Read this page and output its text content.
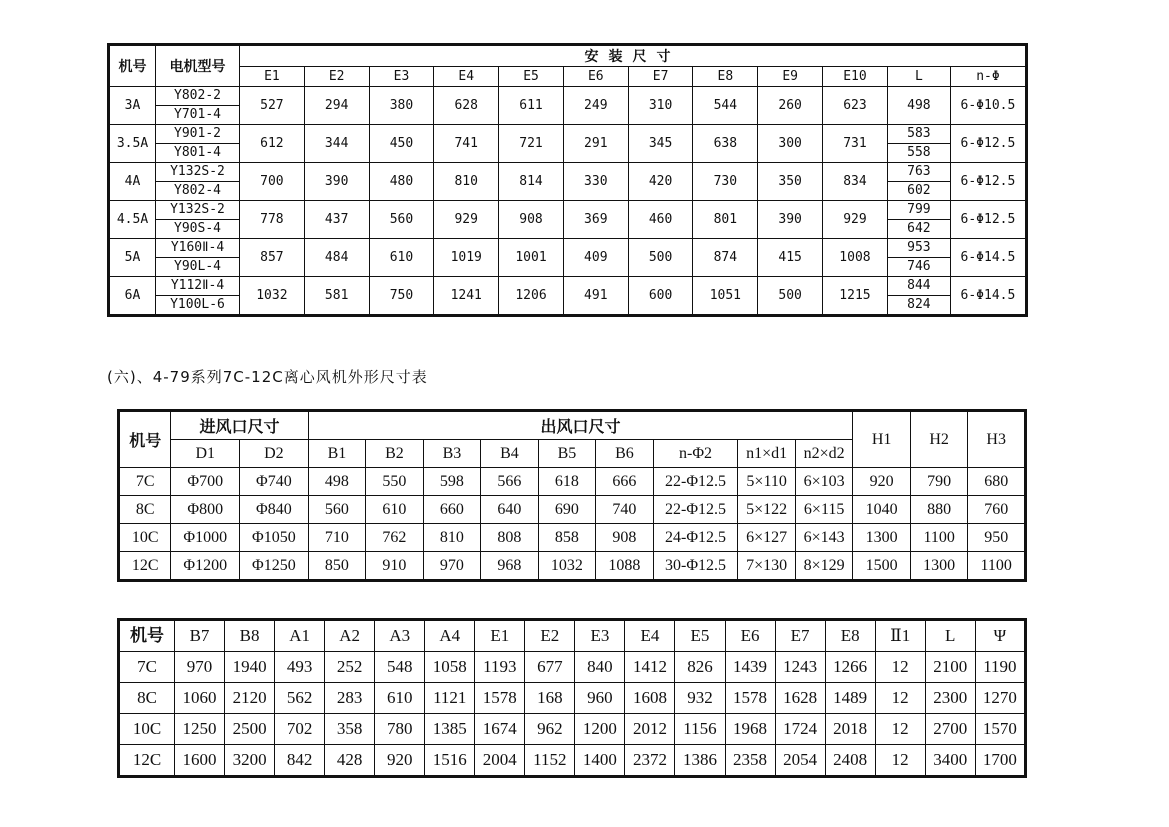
机号	电机型号	安装尺寸											
		E1	E2	E3	E4	E5	E6	E7	E8	E9	E10	L	n-Φ
3A	Y802-2	527	294	380	628	611	249	310	544	260	623	498	6-Φ10.5
	Y701-4												
3.5A	Y901-2	612	344	450	741	721	291	345	638	300	731	583	6-Φ12.5
	Y801-4											558	
4A	Y132S-2	700	390	480	810	814	330	420	730	350	834	763	6-Φ12.5
	Y802-4											602	
4.5A	Y132S-2	778	437	560	929	908	369	460	801	390	929	799	6-Φ12.5
	Y90S-4											642	
5A	Y160Ⅱ-4	857	484	610	1019	1001	409	500	874	415	1008	953	6-Φ14.5
	Y90L-4											746	
6A	Y112Ⅱ-4	1032	581	750	1241	1206	491	600	1051	500	1215	844	6-Φ14.5
	Y100L-6											824	
(六)、4-79系列7C-12C离心风机外形尺寸表
机号	进风口尺寸		出风口尺寸									H1	H2	H3
	D1	D2	B1	B2	B3	B4	B5	B6	n-Φ2	n1×d1	n2×d2			
7C	Φ700	Φ740	498	550	598	566	618	666	22-Φ12.5	5×110	6×103	920	790	680
8C	Φ800	Φ840	560	610	660	640	690	740	22-Φ12.5	5×122	6×115	1040	880	760
10C	Φ1000	Φ1050	710	762	810	808	858	908	24-Φ12.5	6×127	6×143	1300	1100	950
12C	Φ1200	Φ1250	850	910	970	968	1032	1088	30-Φ12.5	7×130	8×129	1500	1300	1100
机号	B7	B8	A1	A2	A3	A4	E1	E2	E3	E4	E5	E6	E7	E8	Ⅱ1	L	Ψ
7C	970	1940	493	252	548	1058	1193	677	840	1412	826	1439	1243	1266	12	2100	1190
8C	1060	2120	562	283	610	1121	1578	168	960	1608	932	1578	1628	1489	12	2300	1270
10C	1250	2500	702	358	780	1385	1674	962	1200	2012	1156	1968	1724	2018	12	2700	1570
12C	1600	3200	842	428	920	1516	2004	1152	1400	2372	1386	2358	2054	2408	12	3400	1700
